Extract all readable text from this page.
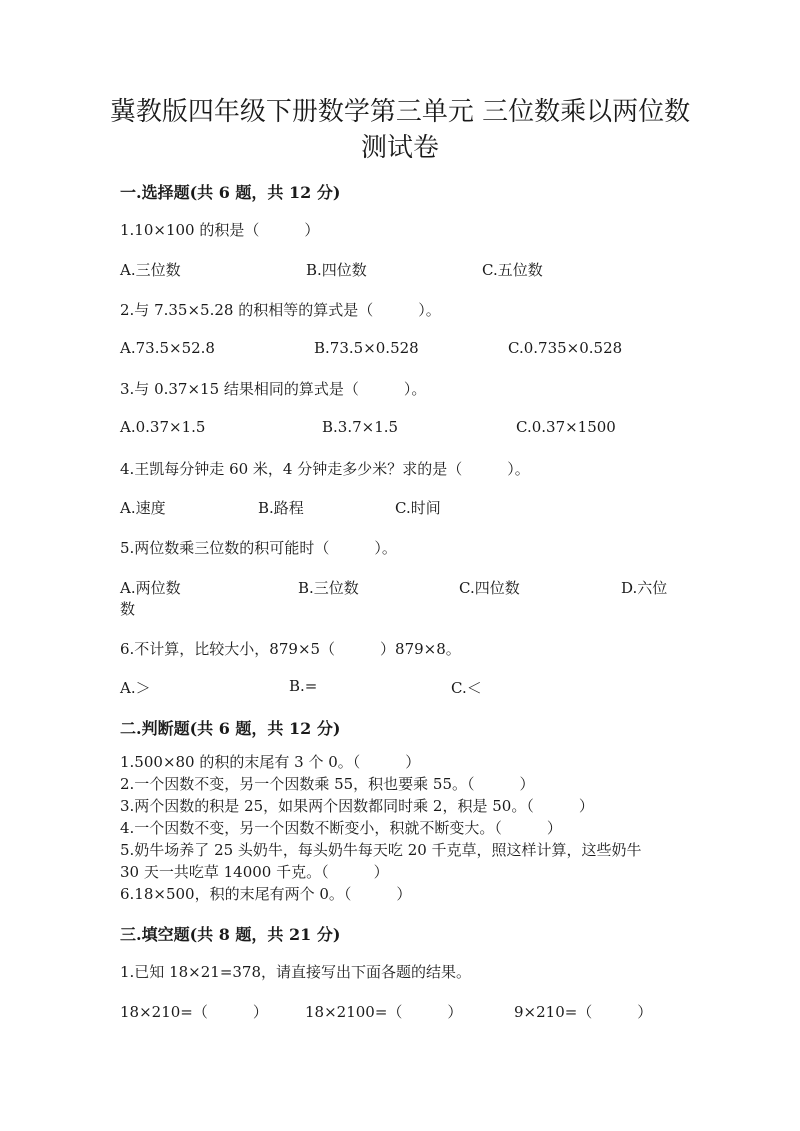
冀教版四年级下册数学第三单元 三位数乘以两位数
测试卷
一.选择题(共 6 题，共 12 分)
1.10×100 的积是（　　　）
A.三位数	B.四位数	C.五位数
2.与 7.35×5.28 的积相等的算式是（　　　）。
A.73.5×52.8	B.73.5×0.528	C.0.735×0.528
3.与 0.37×15 结果相同的算式是（　　　）。
A.0.37×1.5	B.3.7×1.5	C.0.37×1500
4.王凯每分钟走 60 米，4 分钟走多少米？求的是（　　　）。
A.速度	B.路程	C.时间
5.两位数乘三位数的积可能时（　　　）。
A.两位数	B.三位数	C.四位数	D.六位
数
6.不计算，比较大小，879×5（　　　）879×8。
A.＞	B.=	C.＜
二.判断题(共 6 题，共 12 分)
1.500×80 的积的末尾有 3 个 0。（　　　）
2.一个因数不变，另一个因数乘 55，积也要乘 55。（　　　）
3.两个因数的积是 25，如果两个因数都同时乘 2，积是 50。（　　　）
4.一个因数不变，另一个因数不断变小，积就不断变大。（　　　）
5.奶牛场养了 25 头奶牛，每头奶牛每天吃 20 千克草，照这样计算，这些奶牛
30 天一共吃草 14000 千克。（　　　）
6.18×500，积的末尾有两个 0。（　　　）
三.填空题(共 8 题，共 21 分)
1.已知 18×21=378，请直接写出下面各题的结果。
18×210=（　　　） 18×2100=（　　　）	9×210=（　　　）
